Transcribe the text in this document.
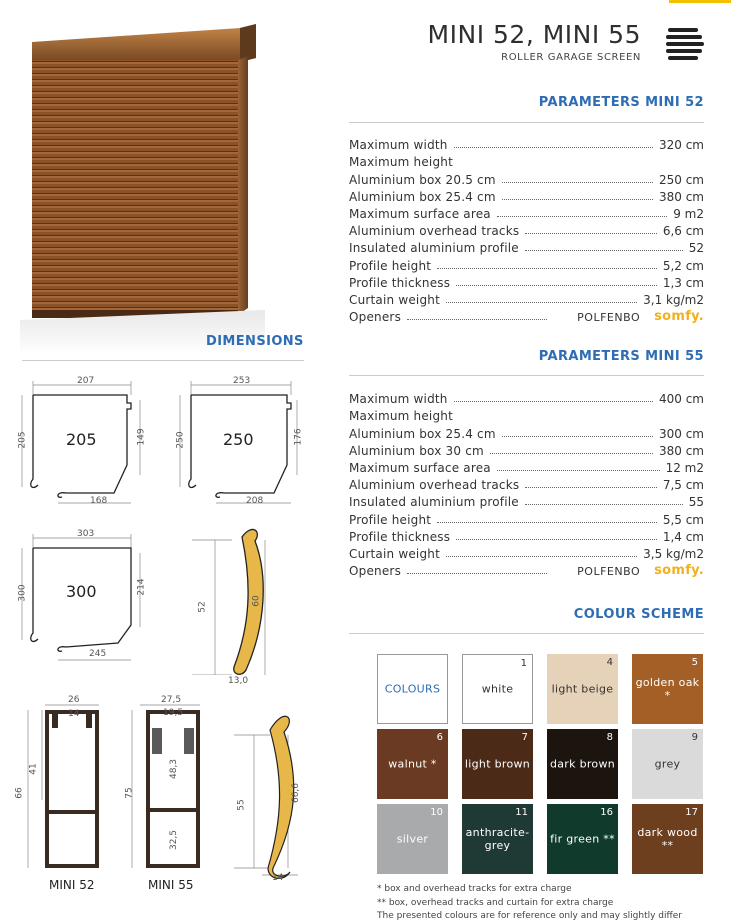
MINI 52, MINI 55
ROLLER GARAGE SCREEN
DIMENSIONS
207
205	149
168
205
253
250	176
208
250
303
300	214
245
300
52
60
13,0
26
14
66
41
MINI 52
27,5
19,5
75
48,3
32,5
MINI 55
55
66,6
14
PARAMETERS MINI 52
Maximum width	320 cm
Maximum height
Aluminium box 20.5 cm	250 cm
Aluminium box 25.4 cm	380 cm
Maximum surface area	9 m2
Aluminium overhead tracks	6,6 cm
Insulated aluminium profile	52
Profile height	5,2 cm
Profile thickness	1,3 cm
Curtain weight	3,1 kg/m2
Openers	POLFENBO somfy.
PARAMETERS MINI 55
Maximum width	400 cm
Maximum height
Aluminium box 25.4 cm	300 cm
Aluminium box 30 cm	380 cm
Maximum surface area	12 m2
Aluminium overhead tracks	7,5 cm
Insulated aluminium profile	55
Profile height	5,5 cm
Profile thickness	1,4 cm
Curtain weight	3,5 kg/m2
Openers	POLFENBO somfy.
COLOUR SCHEME
COLOURS
1
white
4
light beige
5
golden oak *
6
walnut *
7
light brown
8
dark brown
9
grey
10
silver
11
anthracite-grey
16
fir green **
17
dark wood **
* box and overhead tracks for extra charge
** box, overhead tracks and curtain for extra charge
The presented colours are for reference only and may slightly differ
